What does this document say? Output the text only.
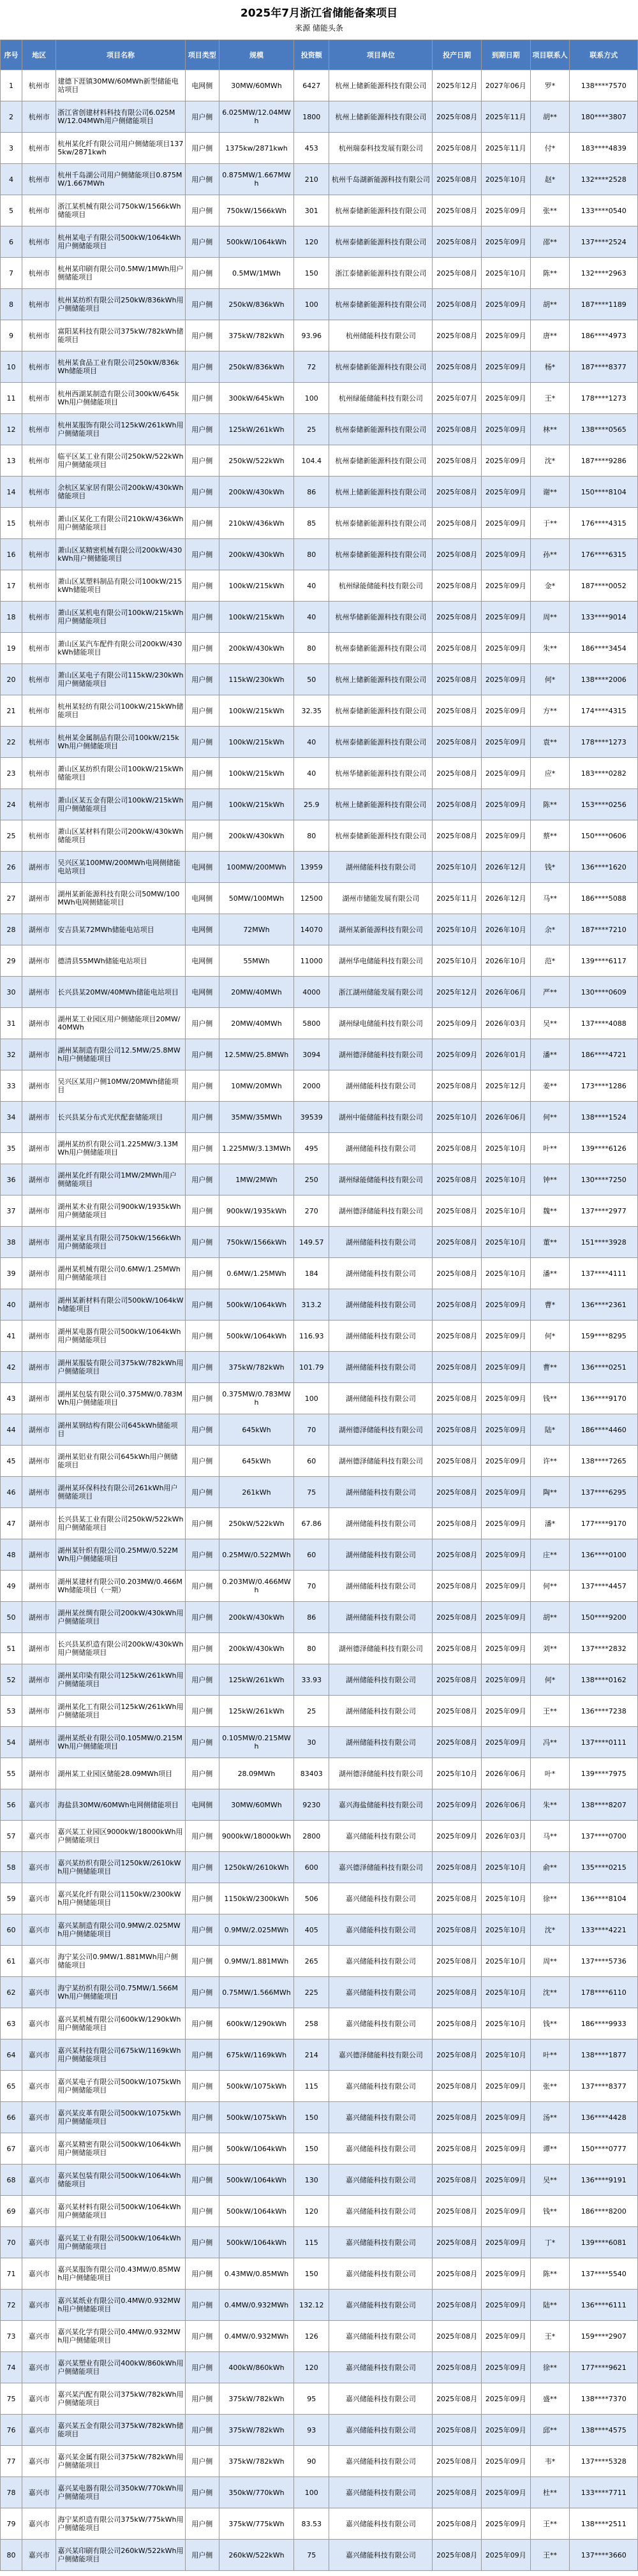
2025年7月浙江省储能备案项目
来源 储能头条
序号	地区	项目名称	项目类型	规模	投资额	项目单位	投产日期	到期日期	项目联系人	联系方式
1	杭州市	建德下涯镇30MW/60MWh新型储能电站项目	电网侧	30MW/60MWh	6427	杭州上储新能源科技有限公司	2025年12月	2027年06月	罗*	138****7570
2	杭州市	浙江省创建材料科技有限公司6.025MW/12.04MWh用户侧储能项目	用户侧	6.025MW/12.04MWh	1800	杭州上储新能源科技有限公司	2025年08月	2025年11月	胡**	180****3807
3	杭州市	杭州某化纤有限公司用户侧储能项目1375kw/2871kwh	用户侧	1375kw/2871kwh	453	杭州瑞泰科技发展有限公司	2025年08月	2025年11月	付*	183****4839
4	杭州市	杭州千岛湖公司用户侧储能项目0.875MW/1.667MWh	用户侧	0.875MW/1.667MWh	210	杭州千岛湖新能源科技有限公司	2025年08月	2025年10月	赵*	132****2528
5	杭州市	浙江某机械有限公司750kW/1566kWh储能项目	用户侧	750kW/1566kWh	301	杭州泰储新能源科技有限公司	2025年08月	2025年09月	张**	133****0540
6	杭州市	杭州某电子有限公司500kW/1064kWh用户侧储能项目	用户侧	500kW/1064kWh	120	杭州泰储新能源科技有限公司	2025年08月	2025年09月	邵**	137****2524
7	杭州市	杭州某印刷有限公司0.5MW/1MWh用户侧储能项目	用户侧	0.5MW/1MWh	150	浙江泰储新能源科技有限公司	2025年08月	2025年10月	陈**	132****2963
8	杭州市	杭州某纺织有限公司250kW/836kWh用户侧储能项目	用户侧	250kW/836kWh	100	杭州泰储新能源科技有限公司	2025年08月	2025年09月	胡**	187****1189
9	杭州市	富阳某科技有限公司375kW/782kWh储能项目	用户侧	375kW/782kWh	93.96	杭州储能科技有限公司	2025年08月	2025年09月	唐**	186****4973
10	杭州市	杭州某食品工业有限公司250kW/836kWh储能项目	用户侧	250kW/836kWh	72	杭州泰储新能源科技有限公司	2025年08月	2025年09月	杨*	187****8377
11	杭州市	杭州西湖某制造有限公司300kW/645kWh用户侧储能项目	用户侧	300kW/645kWh	100	杭州绿能储能科技有限公司	2025年07月	2025年09月	王*	178****1273
12	杭州市	杭州某服饰有限公司125kW/261kWh用户侧储能项目	用户侧	125kW/261kWh	25	杭州泰储新能源科技有限公司	2025年08月	2025年09月	林**	138****0565
13	杭州市	临平区某工业有限公司250kW/522kWh用户侧储能项目	用户侧	250kW/522kWh	104.4	杭州泰储新能源科技有限公司	2025年08月	2025年09月	沈*	187****9286
14	杭州市	余杭区某家居有限公司200kW/430kWh储能项目	用户侧	200kW/430kWh	86	杭州上储新能源科技有限公司	2025年08月	2025年09月	谢**	150****8104
15	杭州市	萧山区某化工有限公司210kW/436kWh用户侧储能项目	用户侧	210kW/436kWh	85	杭州泰储新能源科技有限公司	2025年08月	2025年09月	于**	176****4315
16	杭州市	萧山区某精密机械有限公司200kW/430kWh用户侧储能项目	用户侧	200kW/430kWh	80	杭州泰储新能源科技有限公司	2025年08月	2025年09月	孙**	176****6315
17	杭州市	萧山区某塑料制品有限公司100kW/215kWh储能项目	用户侧	100kW/215kWh	40	杭州绿能储能科技有限公司	2025年08月	2025年09月	金*	187****0052
18	杭州市	萧山区某机电有限公司100kW/215kWh用户侧储能项目	用户侧	100kW/215kWh	40	杭州华储新能源科技有限公司	2025年08月	2025年09月	周**	133****9014
19	杭州市	萧山区某汽车配件有限公司200kW/430kWh储能项目	用户侧	200kW/430kWh	80	杭州泰储新能源科技有限公司	2025年08月	2025年09月	朱**	186****3454
20	杭州市	萧山区某电子有限公司115kW/230kWh用户侧储能项目	用户侧	115kW/230kWh	50	杭州上储新能源科技有限公司	2025年08月	2025年09月	何*	138****2006
21	杭州市	杭州某轻纺有限公司100kW/215kWh储能项目	用户侧	100kW/215kWh	32.35	杭州泰储新能源科技有限公司	2025年08月	2025年09月	方**	174****4315
22	杭州市	杭州某金属制品有限公司100kW/215kWh用户侧储能项目	用户侧	100kW/215kWh	40	杭州泰储新能源科技有限公司	2025年08月	2025年09月	袁**	178****1273
23	杭州市	萧山区某纺织有限公司100kW/215kWh储能项目	用户侧	100kW/215kWh	40	杭州华储新能源科技有限公司	2025年08月	2025年09月	应*	183****0282
24	杭州市	萧山区某五金有限公司100kW/215kWh用户侧储能项目	用户侧	100kW/215kWh	25.9	杭州上储新能源科技有限公司	2025年08月	2025年09月	陈**	153****0256
25	杭州市	萧山区某材料有限公司200kW/430kWh储能项目	用户侧	200kW/430kWh	80	杭州泰储新能源科技有限公司	2025年08月	2025年09月	蔡**	150****0606
26	湖州市	吴兴区某100MW/200MWh电网侧储能电站项目	电网侧	100MW/200MWh	13959	湖州储能科技有限公司	2025年10月	2026年12月	钱*	136****1620
27	湖州市	湖州某新能源科技有限公司50MW/100MWh电网侧储能项目	电网侧	50MW/100MWh	12500	湖州市储能发展有限公司	2025年11月	2026年12月	马**	186****5088
28	湖州市	安吉县某72MWh储能电站项目	电网侧	72MWh	14070	湖州某新能源科技有限公司	2025年10月	2026年10月	余*	187****7210
29	湖州市	德清县55MWh储能电站项目	电网侧	55MWh	11000	湖州华电储能科技有限公司	2025年10月	2026年10月	范*	139****6117
30	湖州市	长兴县某20MW/40MWh储能电站项目	电网侧	20MW/40MWh	4000	浙江湖州储能发展有限公司	2025年12月	2026年06月	严**	130****0609
31	湖州市	湖州某工业园区用户侧储能项目20MW/40MWh	用户侧	20MW/40MWh	5800	湖州绿电储能科技有限公司	2025年09月	2026年03月	吴**	137****4088
32	湖州市	湖州某制造有限公司12.5MW/25.8MWh用户侧储能项目	用户侧	12.5MW/25.8MWh	3094	湖州德泽储能科技有限公司	2025年09月	2026年01月	潘**	186****4721
33	湖州市	吴兴区某用户侧10MW/20MWh储能项目	用户侧	10MW/20MWh	2000	湖州储能科技有限公司	2025年08月	2025年12月	姜**	173****1286
34	湖州市	长兴县某分布式光伏配套储能项目	用户侧	35MW/35MWh	39539	湖州中能储能科技有限公司	2025年10月	2026年06月	何**	138****1524
35	湖州市	湖州某纺织有限公司1.225MW/3.13MWh用户侧储能项目	用户侧	1.225MW/3.13MWh	495	湖州储能科技有限公司	2025年08月	2025年10月	叶**	139****6126
36	湖州市	湖州某化纤有限公司1MW/2MWh用户侧储能项目	用户侧	1MW/2MWh	250	湖州绿能储能科技有限公司	2025年08月	2025年10月	钟**	130****7250
37	湖州市	湖州某木业有限公司900kW/1935kWh用户侧储能项目	用户侧	900kW/1935kWh	270	湖州德泽储能科技有限公司	2025年08月	2025年10月	魏**	137****2977
38	湖州市	湖州某家具有限公司750kW/1566kWh用户侧储能项目	用户侧	750kW/1566kWh	149.57	湖州储能科技有限公司	2025年08月	2025年10月	董**	151****3928
39	湖州市	湖州某机械有限公司0.6MW/1.25MWh用户侧储能项目	用户侧	0.6MW/1.25MWh	184	湖州储能科技有限公司	2025年08月	2025年10月	潘**	137****4111
40	湖州市	湖州某新材料有限公司500kW/1064kWh储能项目	用户侧	500kW/1064kWh	313.2	湖州储能科技有限公司	2025年08月	2025年09月	曹*	136****2361
41	湖州市	湖州某电器有限公司500kW/1064kWh用户侧储能项目	用户侧	500kW/1064kWh	116.93	湖州储能科技有限公司	2025年08月	2025年09月	何*	159****8295
42	湖州市	湖州某服装有限公司375kW/782kWh用户侧储能项目	用户侧	375kW/782kWh	101.79	湖州储能科技有限公司	2025年08月	2025年09月	曹**	136****0251
43	湖州市	湖州某包装有限公司0.375MW/0.783MWh用户侧储能项目	用户侧	0.375MW/0.783MWh	100	湖州储能科技有限公司	2025年08月	2025年09月	钱**	136****9170
44	湖州市	湖州某钢结构有限公司645kWh储能项目	用户侧	645kWh	70	湖州德泽储能科技有限公司	2025年08月	2025年09月	陆*	186****4460
45	湖州市	湖州某铝业有限公司645kWh用户侧储能项目	用户侧	645kWh	60	湖州德泽储能科技有限公司	2025年08月	2025年09月	许**	138****7265
46	湖州市	湖州某环保科技有限公司261kWh用户侧储能项目	用户侧	261kWh	75	湖州储能科技有限公司	2025年08月	2025年09月	陶**	137****6295
47	湖州市	长兴县某工业有限公司250kW/522kWh用户侧储能项目	用户侧	250kW/522kWh	67.86	湖州储能科技有限公司	2025年08月	2025年09月	潘*	177****9170
48	湖州市	湖州某针织有限公司0.25MW/0.522MWh用户侧储能项目	用户侧	0.25MW/0.522MWh	60	湖州储能科技有限公司	2025年08月	2025年09月	庄**	136****0100
49	湖州市	湖州某建材有限公司0.203MW/0.466MWh储能项目（一期）	用户侧	0.203MW/0.466MWh	70	湖州储能科技有限公司	2025年08月	2025年09月	何**	137****4457
50	湖州市	湖州某丝绸有限公司200kW/430kWh用户侧储能项目	用户侧	200kW/430kWh	86	湖州储能科技有限公司	2025年08月	2025年09月	胡**	150****9200
51	湖州市	长兴县某织造有限公司200kW/430kWh用户侧储能项目	用户侧	200kW/430kWh	80	湖州德泽储能科技有限公司	2025年08月	2025年09月	刘**	137****2832
52	湖州市	湖州某印染有限公司125kW/261kWh用户侧储能项目	用户侧	125kW/261kWh	33.93	湖州储能科技有限公司	2025年08月	2025年09月	何*	138****0162
53	湖州市	湖州某化工有限公司125kW/261kWh用户侧储能项目	用户侧	125kW/261kWh	25	湖州储能科技有限公司	2025年08月	2025年09月	王**	136****7238
54	湖州市	湖州某纸业有限公司0.105MW/0.215MWh用户侧储能项目	用户侧	0.105MW/0.215MWh	30	湖州储能科技有限公司	2025年08月	2025年09月	冯**	137****0111
55	湖州市	湖州某工业园区储能28.09MWh项目	用户侧	28.09MWh	83403	湖州德泽储能科技有限公司	2025年10月	2026年06月	叶*	139****7975
56	嘉兴市	海盐县30MW/60MWh电网侧储能项目	电网侧	30MW/60MWh	9230	嘉兴海盐储能科技有限公司	2025年09月	2026年06月	朱**	138****8207
57	嘉兴市	嘉兴某工业园区9000kW/18000kWh用户侧储能项目	用户侧	9000kW/18000kWh	2800	嘉兴储能科技有限公司	2025年09月	2026年03月	马**	137****0700
58	嘉兴市	嘉兴某纺织有限公司1250kW/2610kWh用户侧储能项目	用户侧	1250kW/2610kWh	600	嘉兴德泽储能科技有限公司	2025年08月	2025年10月	俞**	135****0215
59	嘉兴市	嘉兴某化纤有限公司1150kW/2300kWh用户侧储能项目	用户侧	1150kW/2300kWh	506	嘉兴储能科技有限公司	2025年08月	2025年10月	徐**	136****8104
60	嘉兴市	嘉兴某制造有限公司0.9MW/2.025MWh用户侧储能项目	用户侧	0.9MW/2.025MWh	405	嘉兴储能科技有限公司	2025年08月	2025年10月	沈*	133****4221
61	嘉兴市	海宁某公司0.9MW/1.881MWh用户侧储能项目	用户侧	0.9MW/1.881MWh	265	嘉兴储能科技有限公司	2025年08月	2025年10月	周**	137****5736
62	嘉兴市	海宁某纺织有限公司0.75MW/1.566MWh用户侧储能项目	用户侧	0.75MW/1.566MWh	225	嘉兴储能科技有限公司	2025年08月	2025年10月	沈**	178****6110
63	嘉兴市	嘉兴某机械有限公司600kW/1290kWh用户侧储能项目	用户侧	600kW/1290kWh	258	嘉兴储能科技有限公司	2025年08月	2025年10月	钱**	186****9933
64	嘉兴市	嘉兴某科技有限公司675kW/1169kWh用户侧储能项目	用户侧	675kW/1169kWh	214	嘉兴德泽储能科技有限公司	2025年08月	2025年10月	叶**	138****1877
65	嘉兴市	嘉兴某电子有限公司500kW/1075kWh用户侧储能项目	用户侧	500kW/1075kWh	115	嘉兴储能科技有限公司	2025年08月	2025年09月	张**	137****8377
66	嘉兴市	嘉兴某皮革有限公司500kW/1075kWh用户侧储能项目	用户侧	500kW/1075kWh	150	嘉兴储能科技有限公司	2025年08月	2025年09月	汤**	136****4428
67	嘉兴市	嘉兴某精密有限公司500kW/1064kWh用户侧储能项目	用户侧	500kW/1064kWh	150	嘉兴储能科技有限公司	2025年08月	2025年09月	谭**	150****0777
68	嘉兴市	嘉兴某包装有限公司500kW/1064kWh储能项目	用户侧	500kW/1064kWh	130	嘉兴储能科技有限公司	2025年08月	2025年09月	吴**	136****9191
69	嘉兴市	嘉兴某材料有限公司500kW/1064kWh用户侧储能项目	用户侧	500kW/1064kWh	120	嘉兴储能科技有限公司	2025年08月	2025年09月	钱**	186****8200
70	嘉兴市	嘉兴某工业有限公司500kW/1064kWh用户侧储能项目	用户侧	500kW/1064kWh	115	嘉兴储能科技有限公司	2025年08月	2025年09月	丁*	139****6081
71	嘉兴市	嘉兴某服饰有限公司0.43MW/0.85MWh用户侧储能项目	用户侧	0.43MW/0.85MWh	150	嘉兴储能科技有限公司	2025年08月	2025年09月	陈**	137****5540
72	嘉兴市	嘉兴某纸业有限公司0.4MW/0.932MWh用户侧储能项目	用户侧	0.4MW/0.932MWh	132.12	嘉兴储能科技有限公司	2025年08月	2025年09月	陆**	136****6111
73	嘉兴市	嘉兴某化学有限公司0.4MW/0.932MWh用户侧储能项目	用户侧	0.4MW/0.932MWh	126	嘉兴储能科技有限公司	2025年08月	2025年09月	王*	159****2907
74	嘉兴市	嘉兴某塑业有限公司400kW/860kWh用户侧储能项目	用户侧	400kW/860kWh	120	嘉兴储能科技有限公司	2025年08月	2025年09月	徐**	177****9621
75	嘉兴市	嘉兴某汽配有限公司375kW/782kWh用户侧储能项目	用户侧	375kW/782kWh	95	嘉兴储能科技有限公司	2025年08月	2025年09月	盛**	138****7370
76	嘉兴市	嘉兴某五金有限公司375kW/782kWh储能项目	用户侧	375kW/782kWh	93	嘉兴储能科技有限公司	2025年08月	2025年09月	邱**	138****4575
77	嘉兴市	嘉兴某金属有限公司375kW/782kWh用户侧储能项目	用户侧	375kW/782kWh	90	嘉兴储能科技有限公司	2025年08月	2025年09月	韦*	137****5328
78	嘉兴市	嘉兴某电器有限公司350kW/770kWh用户侧储能项目	用户侧	350kW/770kWh	100	嘉兴储能科技有限公司	2025年08月	2025年09月	杜**	133****7711
79	嘉兴市	海宁某织造有限公司375kW/775kWh用户侧储能项目	用户侧	375kW/775kWh	83.53	嘉兴储能科技有限公司	2025年08月	2025年09月	王**	138****2511
80	嘉兴市	嘉兴某印刷有限公司260kW/522kWh用户侧储能项目	用户侧	260kW/522kWh	75	嘉兴储能科技有限公司	2025年08月	2025年09月	王**	137****3660
